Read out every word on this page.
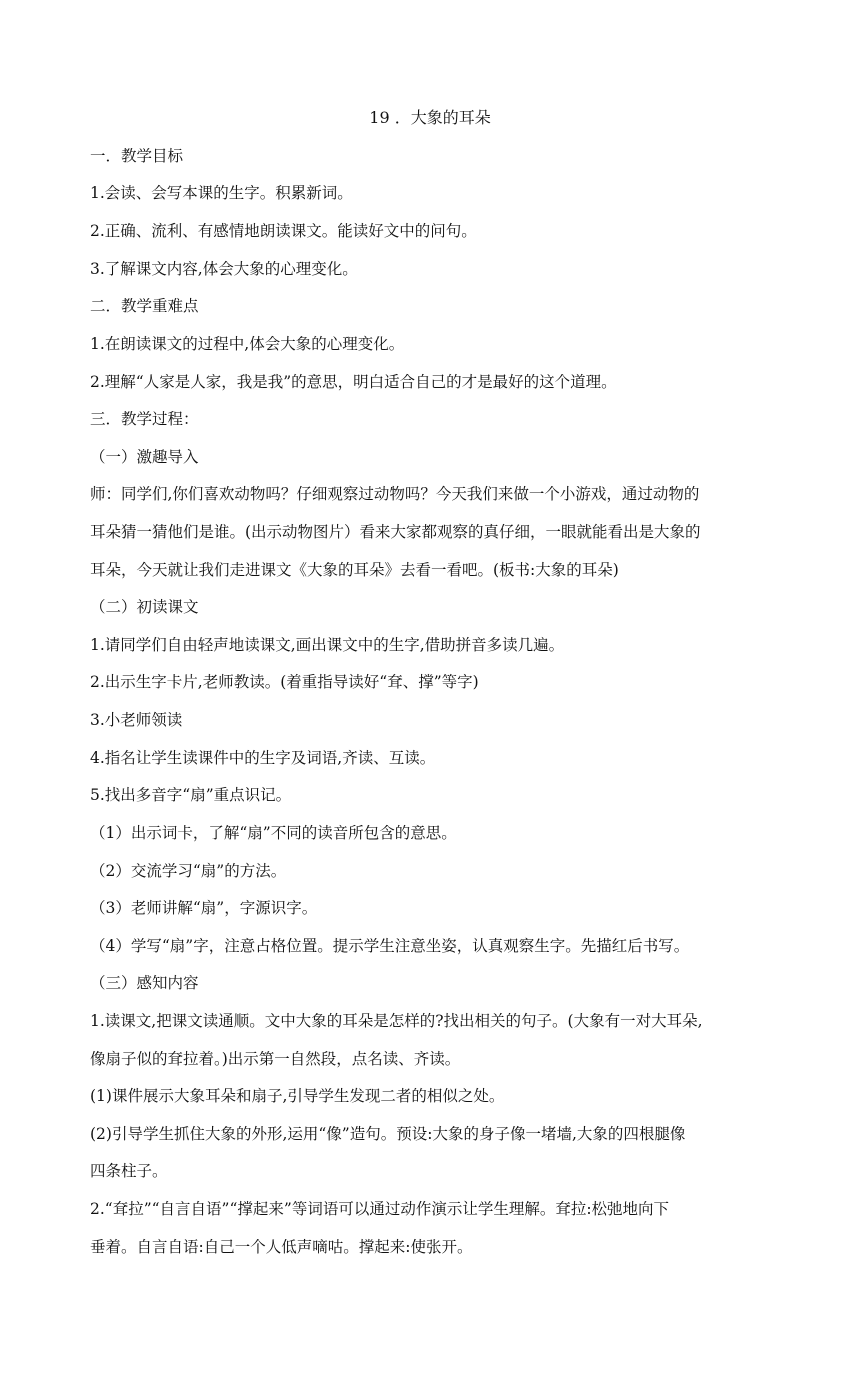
19 ．大象的耳朵
一．教学目标
1.会读、会写本课的生字。积累新词。
2.正确、流利、有感情地朗读课文。能读好文中的问句。
3.了解课文内容,体会大象的心理变化。
二．教学重难点
1.在朗读课文的过程中,体会大象的心理变化。
2.理解“人家是人家，我是我”的意思，明白适合自己的才是最好的这个道理。
三．教学过程：
（一）激趣导入
师：同学们,你们喜欢动物吗？仔细观察过动物吗？今天我们来做一个小游戏，通过动物的
耳朵猜一猜他们是谁。(出示动物图片）看来大家都观察的真仔细，一眼就能看出是大象的
耳朵，今天就让我们走进课文《大象的耳朵》去看一看吧。(板书:大象的耳朵)
（二）初读课文
1.请同学们自由轻声地读课文,画出课文中的生字,借助拼音多读几遍。
2.出示生字卡片,老师教读。(着重指导读好“耷、撑”等字)
3.小老师领读
4.指名让学生读课件中的生字及词语,齐读、互读。
5.找出多音字“扇”重点识记。
（1）出示词卡，了解“扇”不同的读音所包含的意思。
（2）交流学习“扇”的方法。
（3）老师讲解“扇”，字源识字。
（4）学写“扇”字，注意占格位置。提示学生注意坐姿，认真观察生字。先描红后书写。
（三）感知内容
1.读课文,把课文读通顺。文中大象的耳朵是怎样的?找出相关的句子。(大象有一对大耳朵,
像扇子似的耷拉着。)出示第一自然段，点名读、齐读。
(1)课件展示大象耳朵和扇子,引导学生发现二者的相似之处。
(2)引导学生抓住大象的外形,运用“像”造句。预设:大象的身子像一堵墙,大象的四根腿像
四条柱子。
2.“耷拉”“自言自语”“撑起来”等词语可以通过动作演示让学生理解。耷拉:松弛地向下
垂着。自言自语:自己一个人低声嘀咕。撑起来:使张开。
